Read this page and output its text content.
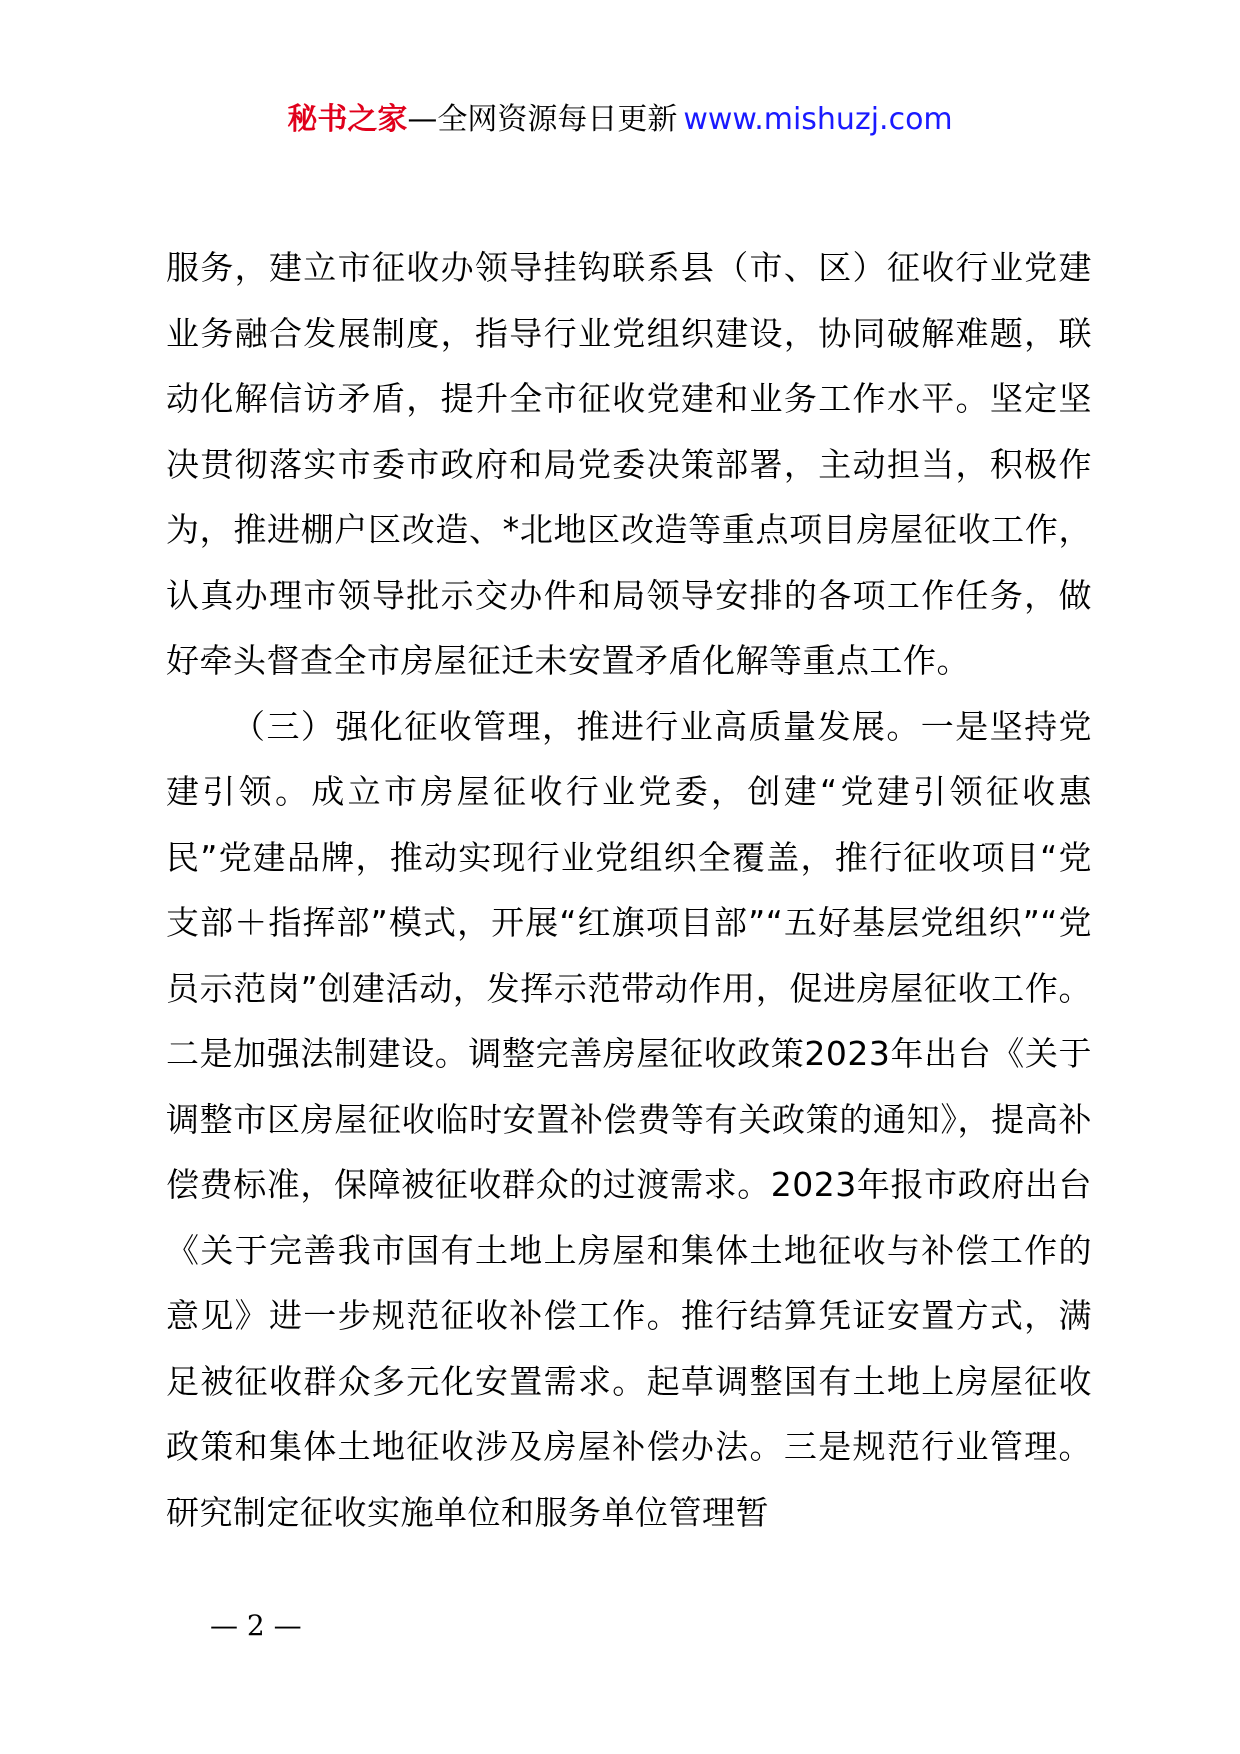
秘书之家—全网资源每日更新 www.mishuzj.com

服务，建立市征收办领导挂钩联系县（市、区）征收行业党建业务融合发展制度，指导行业党组织建设，协同破解难题，联动化解信访矛盾，提升全市征收党建和业务工作水平。坚定坚决贯彻落实市委市政府和局党委决策部署，主动担当，积极作为，推进棚户区改造、*北地区改造等重点项目房屋征收工作，认真办理市领导批示交办件和局领导安排的各项工作任务，做好牵头督查全市房屋征迁未安置矛盾化解等重点工作。

（三）强化征收管理，推进行业高质量发展。一是坚持党建引领。成立市房屋征收行业党委，创建“党建引领征收惠民”党建品牌，推动实现行业党组织全覆盖，推行征收项目“党支部＋指挥部”模式，开展“红旗项目部”“五好基层党组织”“党员示范岗”创建活动，发挥示范带动作用，促进房屋征收工作。二是加强法制建设。调整完善房屋征收政策2023年出台《关于调整市区房屋征收临时安置补偿费等有关政策的通知》，提高补偿费标准，保障被征收群众的过渡需求。2023年报市政府出台《关于完善我市国有土地上房屋和集体土地征收与补偿工作的意见》进一步规范征收补偿工作。推行结算凭证安置方式，满足被征收群众多元化安置需求。起草调整国有土地上房屋征收政策和集体土地征收涉及房屋补偿办法。三是规范行业管理。研究制定征收实施单位和服务单位管理暂

— 2 —
